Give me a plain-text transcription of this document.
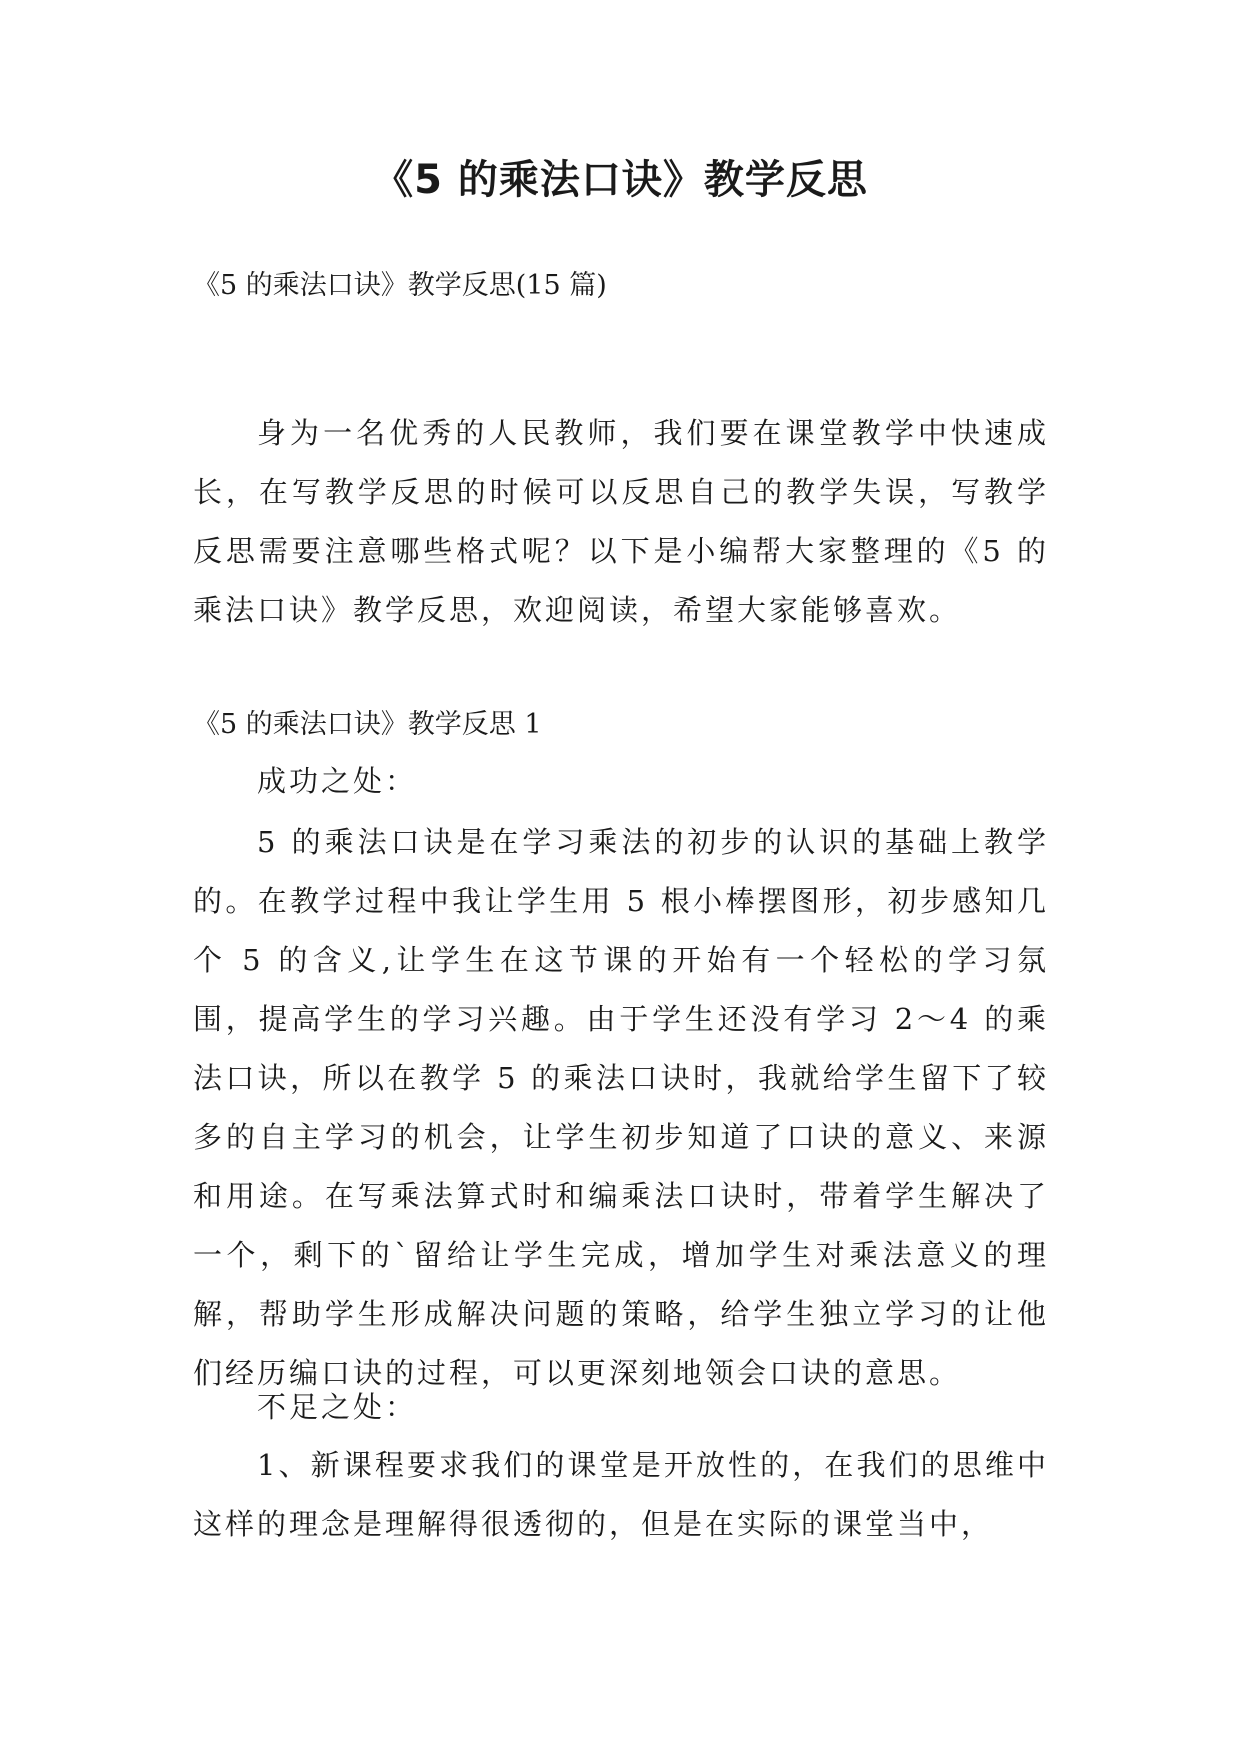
《5 的乘法口诀》教学反思

《5 的乘法口诀》教学反思(15 篇)

身为一名优秀的人民教师，我们要在课堂教学中快速成长，在写教学反思的时候可以反思自己的教学失误，写教学反思需要注意哪些格式呢？以下是小编帮大家整理的《5 的乘法口诀》教学反思，欢迎阅读，希望大家能够喜欢。

《5 的乘法口诀》教学反思 1

成功之处：

5 的乘法口诀是在学习乘法的初步的认识的基础上教学的。在教学过程中我让学生用 5 根小棒摆图形，初步感知几个 5 的含义,让学生在这节课的开始有一个轻松的学习氛围，提高学生的学习兴趣。由于学生还没有学习 2～4 的乘法口诀，所以在教学 5 的乘法口诀时，我就给学生留下了较多的自主学习的机会，让学生初步知道了口诀的意义、来源和用途。在写乘法算式时和编乘法口诀时，带着学生解决了一个，剩下的`留给让学生完成，增加学生对乘法意义的理解，帮助学生形成解决问题的策略，给学生独立学习的让他们经历编口诀的过程，可以更深刻地领会口诀的意思。

不足之处：

1、新课程要求我们的课堂是开放性的，在我们的思维中这样的理念是理解得很透彻的，但是在实际的课堂当中，
